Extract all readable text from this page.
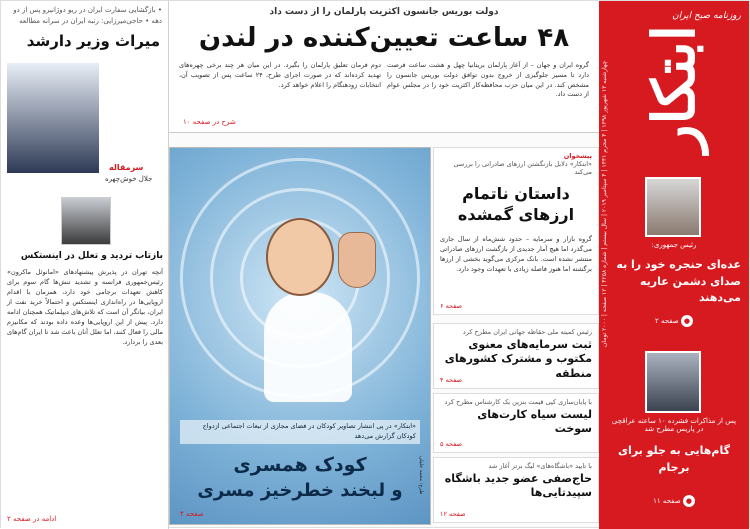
روزنامه صبح ایران
ابتکار
چهارشنبه ۱۳ شهریور ۱۳۹۸ | ۴ محرم ۱۴۴۱ | ۴ سپتامبر ۲۰۱۹ | سال بیستم | شماره ۴۲۵۸ | ۱۲ صفحه | ۲۰۰۰ تومان
رئیس جمهوری:
عده‌ای حنجره خود را به صدای دشمن عاریه می‌دهند
● صفحه ۲
پس از مذاکرات فشرده ۱۰ ساعته عراقچی در پاریس مطرح شد
گام‌هایی به جلو برای برجام
● صفحه ۱۱
دولت بوریس جانسون اکثریت پارلمان را از دست داد
۴۸ ساعت تعیین‌کننده در لندن
گروه ایران و جهان – از آغاز پارلمان بریتانیا چهل و هشت ساعت فرصت دارد تا مسیر جلوگیری از خروج بدون توافق دولت بوریس جانسون را مشخص کند. در این میان حزب محافظه‌کار اکثریت خود را در مجلس عوام از دست داد.
دوم فرمان تعلیق پارلمان را بگیرد. در این میان هر چند برخی چهره‌های تهدید کرده‌اند که در صورت اجرای طرح، ۲۴ ساعت پس از تصویب آن، انتخابات زودهنگام را اعلام خواهد کرد.
شرح در صفحه ۱۰
• بازگشایی سفارت ایران در ریو دوژانیرو پس از دو دهه • حاجی‌میرزایی: رتبه ایران در سرانه مطالعه
میراث وزیر دارشد
سرمقاله
جلال خوش‌چهره
بازتاب تردید و تعلل در اینستکس
آنچه تهران در پذیرش پیشنهادهای «امانوئل ماکرون» رئیس‌جمهوری فرانسه و تشدید تنش‌ها گام سوم برای کاهش تعهدات برجامی خود دارد، همزمان با اقدام اروپایی‌ها در راه‌اندازی اینستکس و احتمالاً خرید نفت از ایران، بیانگر آن است که تلاش‌های دیپلماتیک همچنان ادامه دارد. پیش از این اروپایی‌ها وعده داده بودند که مکانیزم مالی را فعال کنند، اما تعلل آنان باعث شد تا ایران گام‌های بعدی را بردارد.
ادامه در صفحه ۲
«ابتکار» در پی انتشار تصاویر کودکان در فضای مجازی از تبعات اجتماعی ازدواج کودکان گزارش می‌دهد
کودک همسری
و لبخند خطرخیز مسری	طرح: محمد خلیلی
صفحه ۴
پیشخوان
«ابتکار» دلایل بازنگشتن ارزهای صادراتی را بررسی می‌کند
داستان ناتمام ارزهای گمشده
گروه بازار و سرمایه – حدود شش‌ماه از سال جاری می‌گذرد اما هیچ آمار جدیدی از بازگشت ارزهای صادراتی منتشر نشده است. بانک مرکزی می‌گوید بخشی از ارزها برگشته اما هنوز فاصله زیادی با تعهدات وجود دارد.
صفحه ۶
رئیس کمیته ملی حقاظه جهانی ایران مطرح کرد
ثبت سرمایه‌های معنوی مکتوب و مشترک کشورهای منطقه
صفحه ۴
با پایان‌سازی کپی قیمت بنزین یک کارشناس مطرح کرد
لیست سیاه کارت‌های سوخت
صفحه ۵
با تایید «باشگاه‌های» لیگ برتر آغاز شد
حاج‌صفی عضو جدید باشگاه سپیدتایی‌ها
صفحه ۱۲
